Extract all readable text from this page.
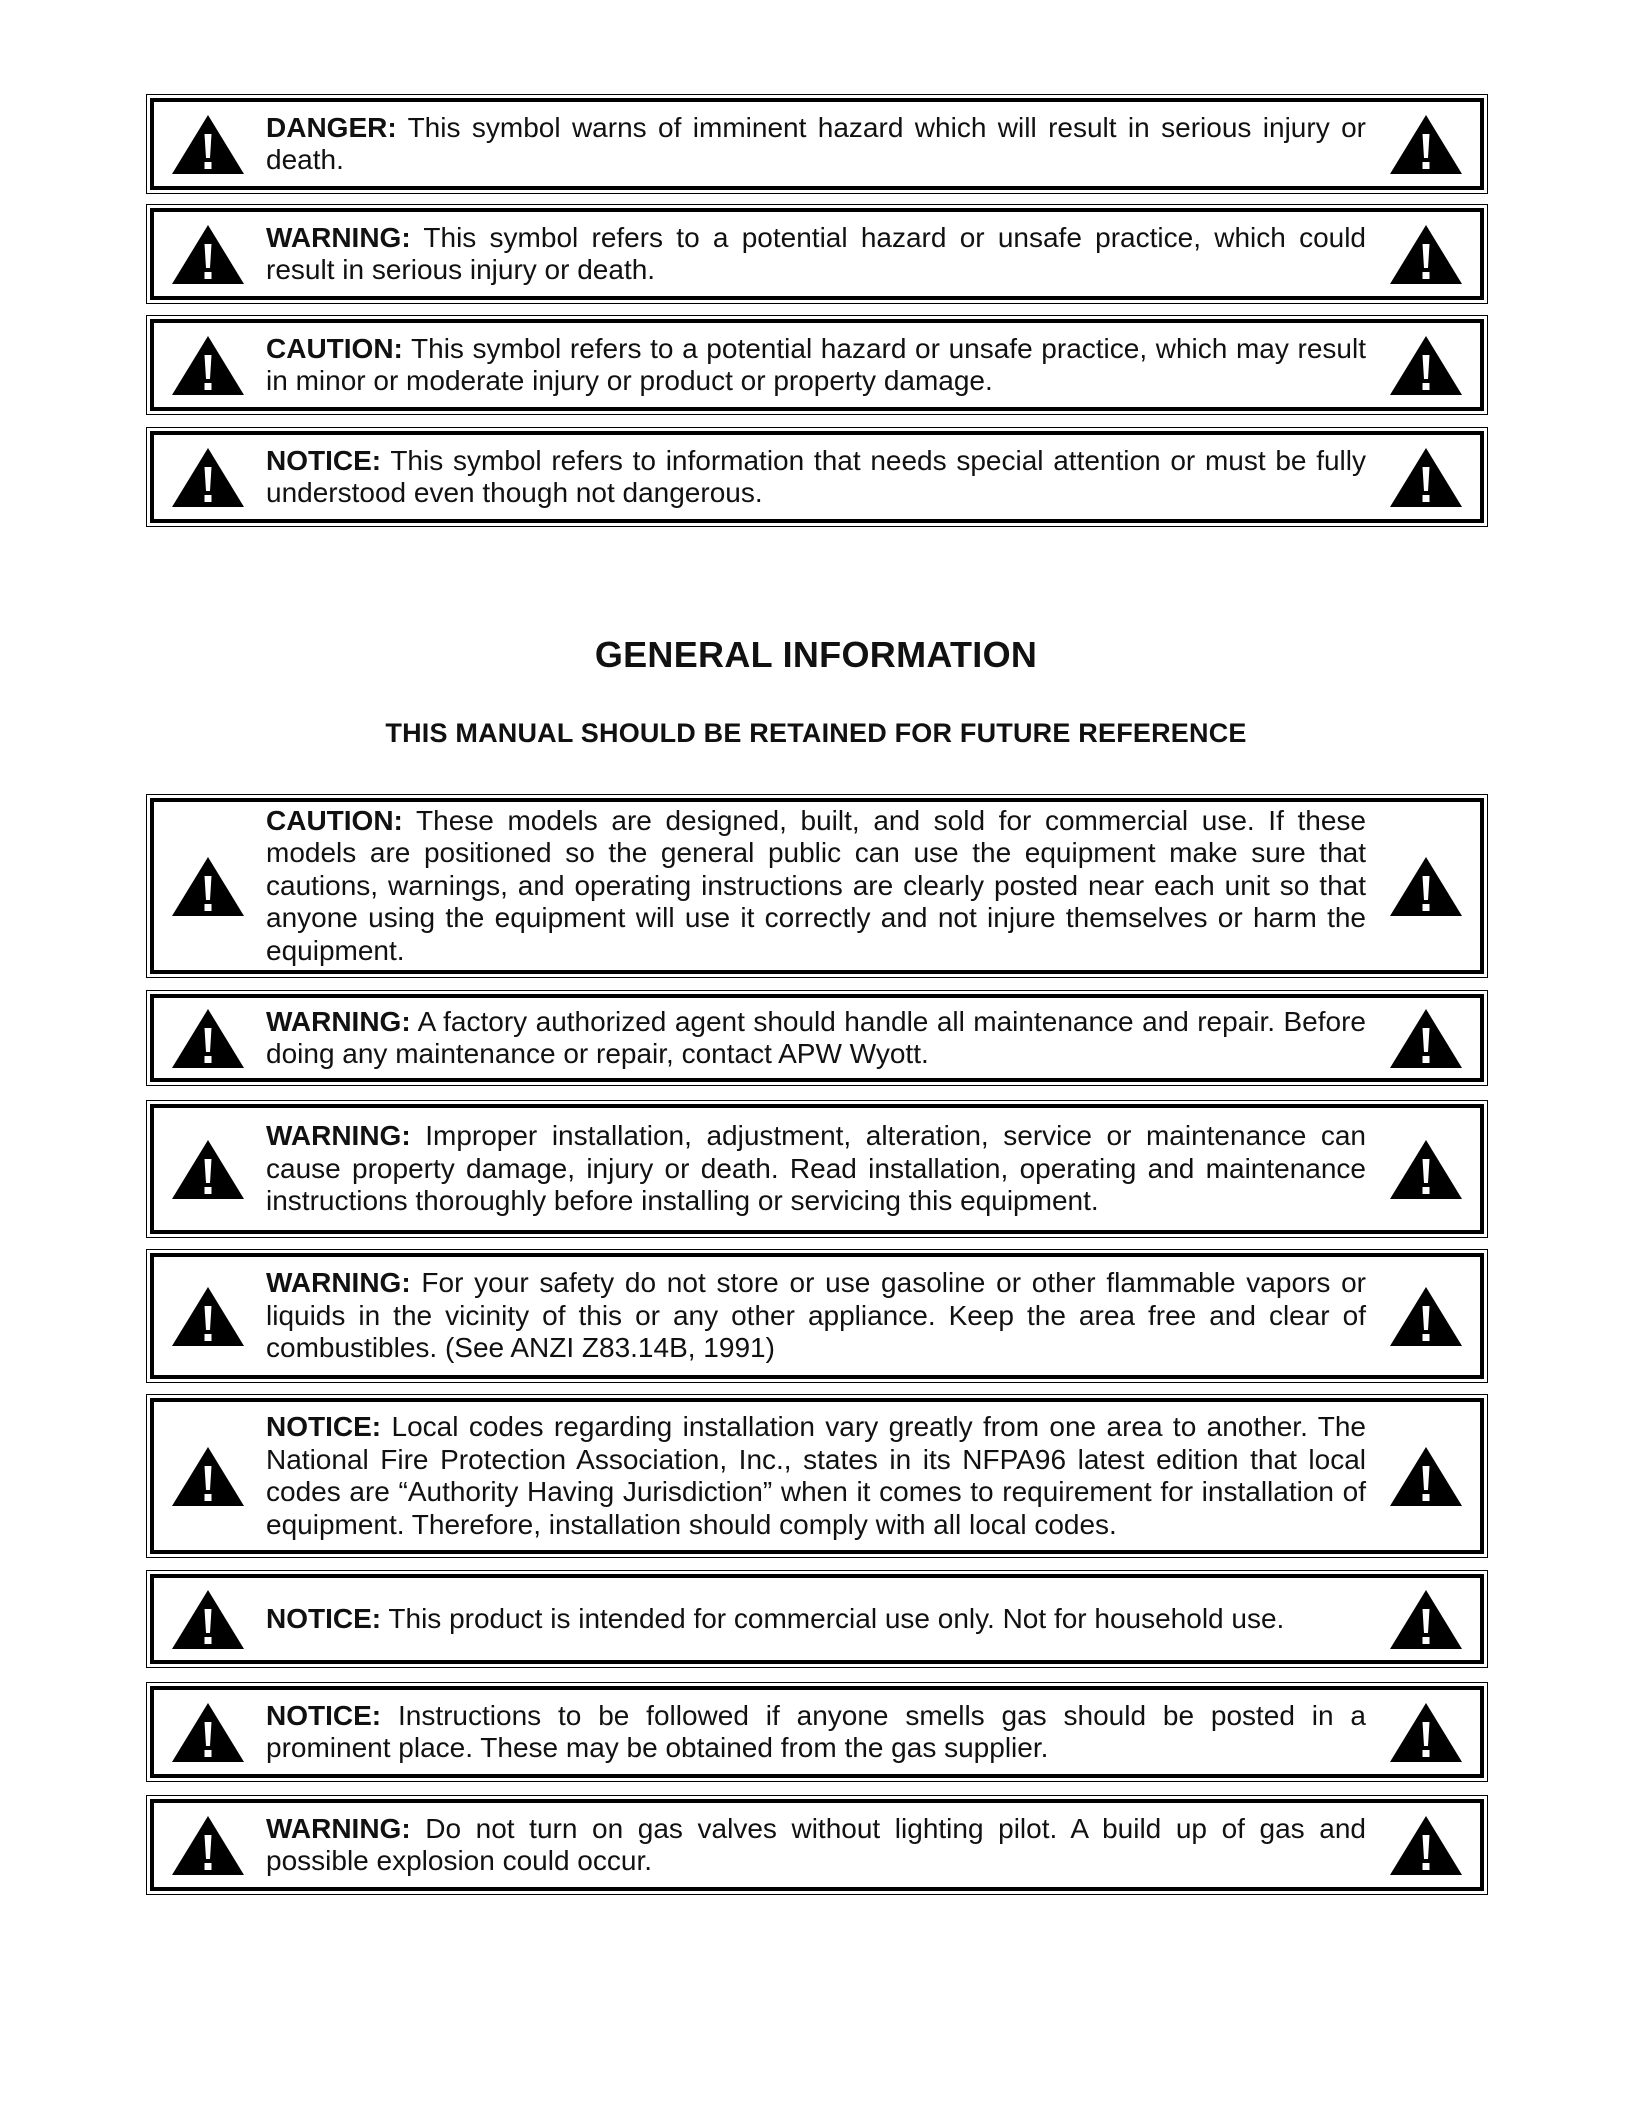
DANGER: This symbol warns of imminent hazard which will result in serious injury or death.
WARNING: This symbol refers to a potential hazard or unsafe practice, which could result in serious injury or death.
CAUTION: This symbol refers to a potential hazard or unsafe practice, which may result in minor or moderate injury or product or property damage.
NOTICE: This symbol refers to information that needs special attention or must be fully understood even though not dangerous.
GENERAL INFORMATION
THIS MANUAL SHOULD BE RETAINED FOR FUTURE REFERENCE
CAUTION: These models are designed, built, and sold for commercial use. If these models are positioned so the general public can use the equipment make sure that cautions, warnings, and operating instructions are clearly posted near each unit so that anyone using the equipment will use it correctly and not injure themselves or harm the equipment.
WARNING: A factory authorized agent should handle all maintenance and repair. Before doing any maintenance or repair, contact APW Wyott.
WARNING: Improper installation, adjustment, alteration, service or maintenance can cause property damage, injury or death. Read installation, operating and maintenance instructions thoroughly before installing or servicing this equipment.
WARNING: For your safety do not store or use gasoline or other flammable vapors or liquids in the vicinity of this or any other appliance. Keep the area free and clear of combustibles. (See ANZI Z83.14B, 1991)
NOTICE: Local codes regarding installation vary greatly from one area to another. The National Fire Protection Association, Inc., states in its NFPA96 latest edition that local codes are “Authority Having Jurisdiction” when it comes to requirement for installation of equipment. Therefore, installation should comply with all local codes.
NOTICE: This product is intended for commercial use only. Not for household use.
NOTICE: Instructions to be followed if anyone smells gas should be posted in a prominent place. These may be obtained from the gas supplier.
WARNING: Do not turn on gas valves without lighting pilot. A build up of gas and possible explosion could occur.
